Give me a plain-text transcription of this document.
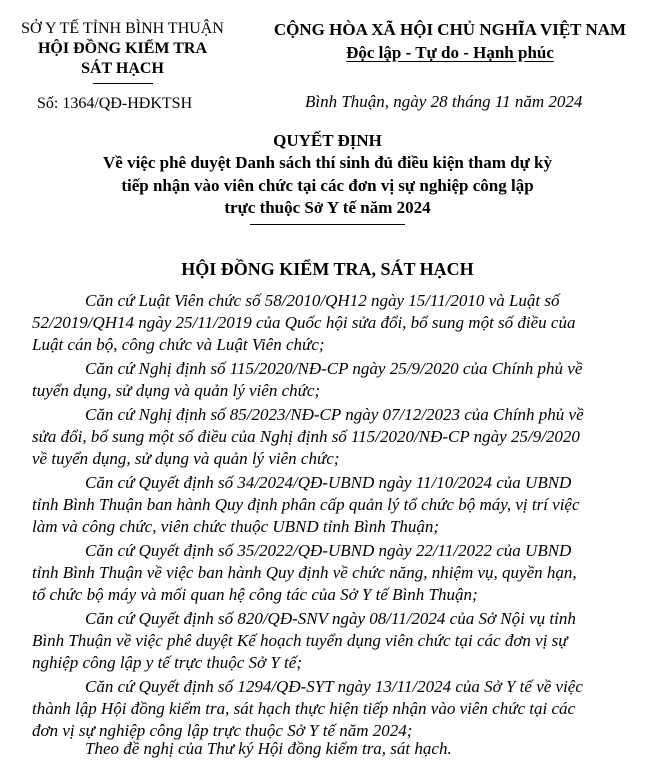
SỞ Y TẾ TỈNH BÌNH THUẬN
HỘI ĐỒNG KIỂM TRA
SÁT HẠCH
Số: 1364/QĐ-HĐKTSH
CỘNG HÒA XÃ HỘI CHỦ NGHĨA VIỆT NAM
Độc lập - Tự do - Hạnh phúc
Bình Thuận, ngày 28 tháng 11 năm 2024
QUYẾT ĐỊNH
Về việc phê duyệt Danh sách thí sinh đủ điều kiện tham dự kỳ
tiếp nhận vào viên chức tại các đơn vị sự nghiệp công lập
trực thuộc Sở Y tế năm 2024
HỘI ĐỒNG KIỂM TRA, SÁT HẠCH
Căn cứ Luật Viên chức số 58/2010/QH12 ngày 15/11/2010 và Luật số
52/2019/QH14 ngày 25/11/2019 của Quốc hội sửa đổi, bổ sung một số điều của
Luật cán bộ, công chức và Luật Viên chức;
Căn cứ Nghị định số 115/2020/NĐ-CP ngày 25/9/2020 của Chính phủ về
tuyển dụng, sử dụng và quản lý viên chức;
Căn cứ Nghị định số 85/2023/NĐ-CP ngày 07/12/2023 của Chính phủ về
sửa đổi, bổ sung một số điều của Nghị định số 115/2020/NĐ-CP ngày 25/9/2020
về tuyển dụng, sử dụng và quản lý viên chức;
Căn cứ Quyết định số 34/2024/QĐ-UBND ngày 11/10/2024 của UBND
tỉnh Bình Thuận ban hành Quy định phân cấp quản lý tổ chức bộ máy, vị trí việc
làm và công chức, viên chức thuộc UBND tỉnh Bình Thuận;
Căn cứ Quyết định số 35/2022/QĐ-UBND ngày 22/11/2022 của UBND
tỉnh Bình Thuận về việc ban hành Quy định về chức năng, nhiệm vụ, quyền hạn,
tổ chức bộ máy và mối quan hệ công tác của Sở Y tế Bình Thuận;
Căn cứ Quyết định số 820/QĐ-SNV ngày 08/11/2024 của Sở Nội vụ tỉnh
Bình Thuận về việc phê duyệt Kế hoạch tuyển dụng viên chức tại các đơn vị sự
nghiệp công lập y tế trực thuộc Sở Y tế;
Căn cứ Quyết định số 1294/QĐ-SYT ngày 13/11/2024 của Sở Y tế về việc
thành lập Hội đồng kiểm tra, sát hạch thực hiện tiếp nhận vào viên chức tại các
đơn vị sự nghiệp công lập trực thuộc Sở Y tế năm 2024;
Theo đề nghị của Thư ký Hội đồng kiểm tra, sát hạch.
